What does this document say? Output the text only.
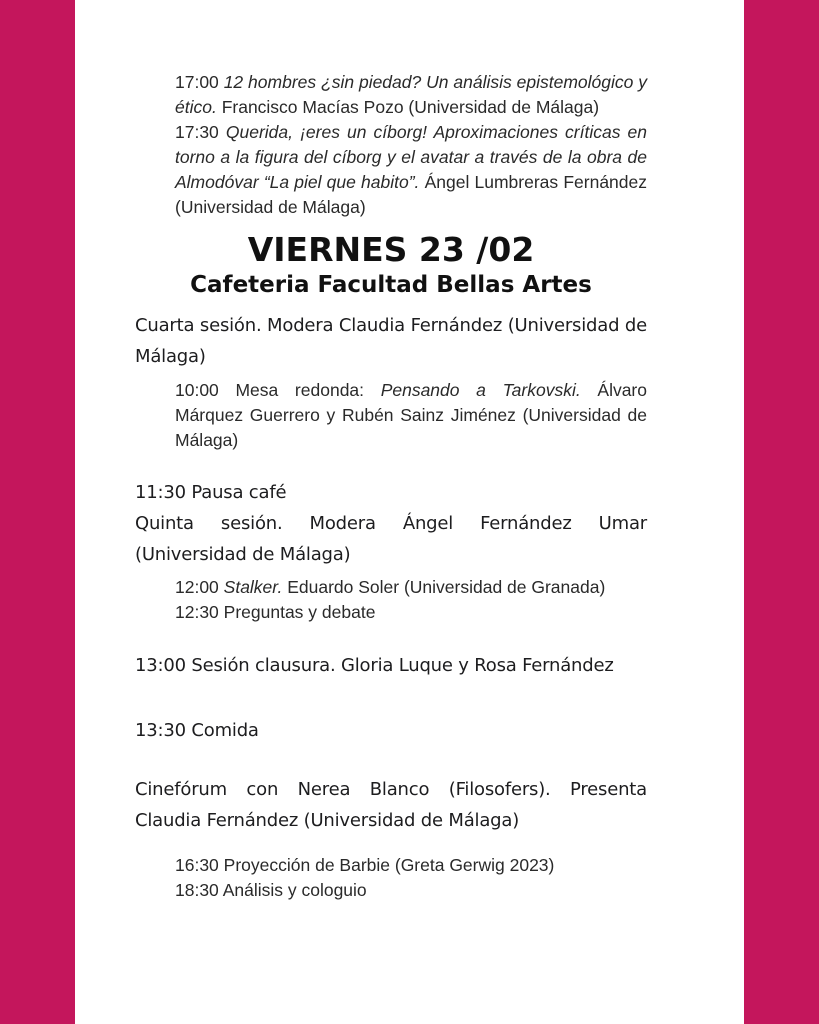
17:00 12 hombres ¿sin piedad? Un análisis epistemológico y ético. Francisco Macías Pozo (Universidad de Málaga)

17:30 Querida, ¡eres un cíborg! Aproximaciones críticas en torno a la figura del cíborg y el avatar a través de la obra de Almodóvar “La piel que habito”. Ángel Lumbreras Fernández (Universidad de Málaga)

VIERNES 23 /02
Cafeteria Facultad Bellas Artes

Cuarta sesión. Modera Claudia Fernández (Universidad de Málaga)

10:00 Mesa redonda: Pensando a Tarkovski. Álvaro Márquez Guerrero y Rubén Sainz Jiménez (Universidad de Málaga)

11:30 Pausa café

Quinta sesión. Modera Ángel Fernández Umar (Universidad de Málaga)

12:00 Stalker. Eduardo Soler (Universidad de Granada)

12:30 Preguntas y debate

13:00 Sesión clausura. Gloria Luque y Rosa Fernández

13:30 Comida

Cinefórum con Nerea Blanco (Filosofers). Presenta Claudia Fernández (Universidad de Málaga)

16:30 Proyección de Barbie (Greta Gerwig 2023)

18:30 Análisis y cologuio
